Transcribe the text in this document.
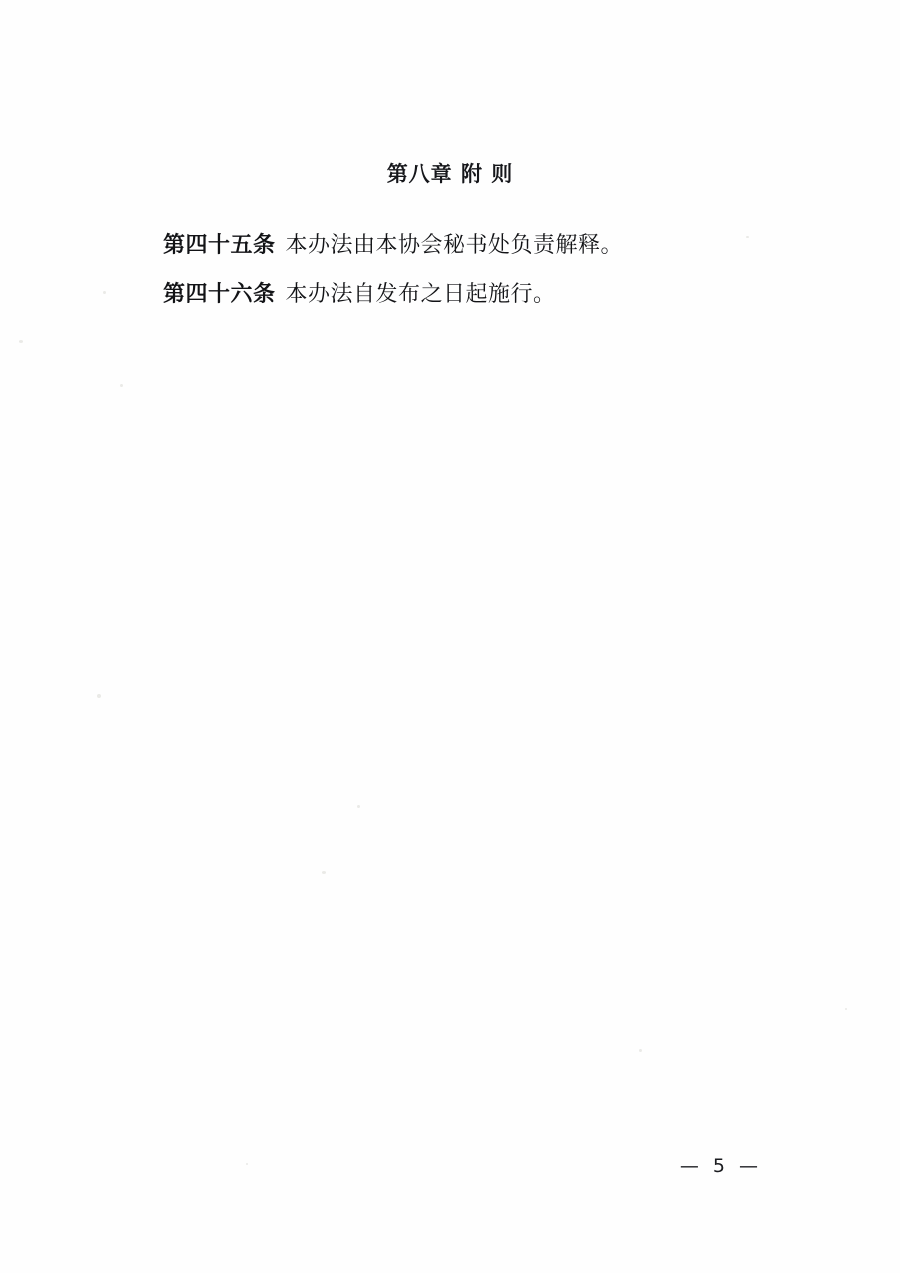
第八章 附 则
第四十五条 本办法由本协会秘书处负责解释。
第四十六条 本办法自发布之日起施行。
— 5 —
